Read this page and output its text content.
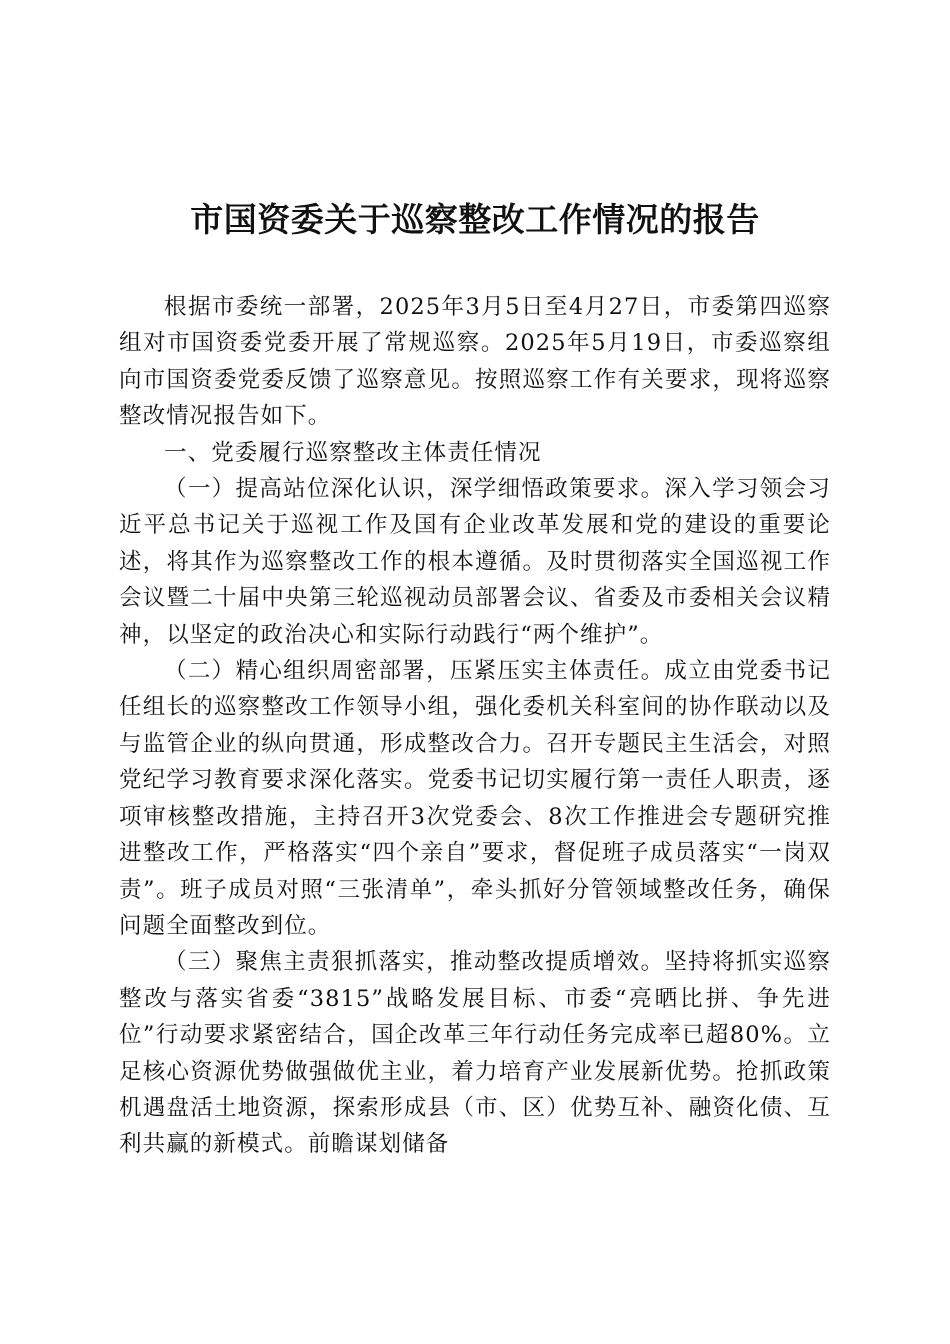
市国资委关于巡察整改工作情况的报告

根据市委统一部署，2025年3月5日至4月27日，市委第四巡察组对市国资委党委开展了常规巡察。2025年5月19日，市委巡察组向市国资委党委反馈了巡察意见。按照巡察工作有关要求，现将巡察整改情况报告如下。

一、党委履行巡察整改主体责任情况

（一）提高站位深化认识，深学细悟政策要求。深入学习领会习近平总书记关于巡视工作及国有企业改革发展和党的建设的重要论述，将其作为巡察整改工作的根本遵循。及时贯彻落实全国巡视工作会议暨二十届中央第三轮巡视动员部署会议、省委及市委相关会议精神，以坚定的政治决心和实际行动践行“两个维护”。

（二）精心组织周密部署，压紧压实主体责任。成立由党委书记任组长的巡察整改工作领导小组，强化委机关科室间的协作联动以及与监管企业的纵向贯通，形成整改合力。召开专题民主生活会，对照党纪学习教育要求深化落实。党委书记切实履行第一责任人职责，逐项审核整改措施，主持召开3次党委会、8次工作推进会专题研究推进整改工作，严格落实“四个亲自”要求，督促班子成员落实“一岗双责”。班子成员对照“三张清单”，牵头抓好分管领域整改任务，确保问题全面整改到位。

（三）聚焦主责狠抓落实，推动整改提质增效。坚持将抓实巡察整改与落实省委“3815”战略发展目标、市委“亮晒比拼、争先进位”行动要求紧密结合，国企改革三年行动任务完成率已超80%。立足核心资源优势做强做优主业，着力培育产业发展新优势。抢抓政策机遇盘活土地资源，探索形成县（市、区）优势互补、融资化债、互利共赢的新模式。前瞻谋划储备
